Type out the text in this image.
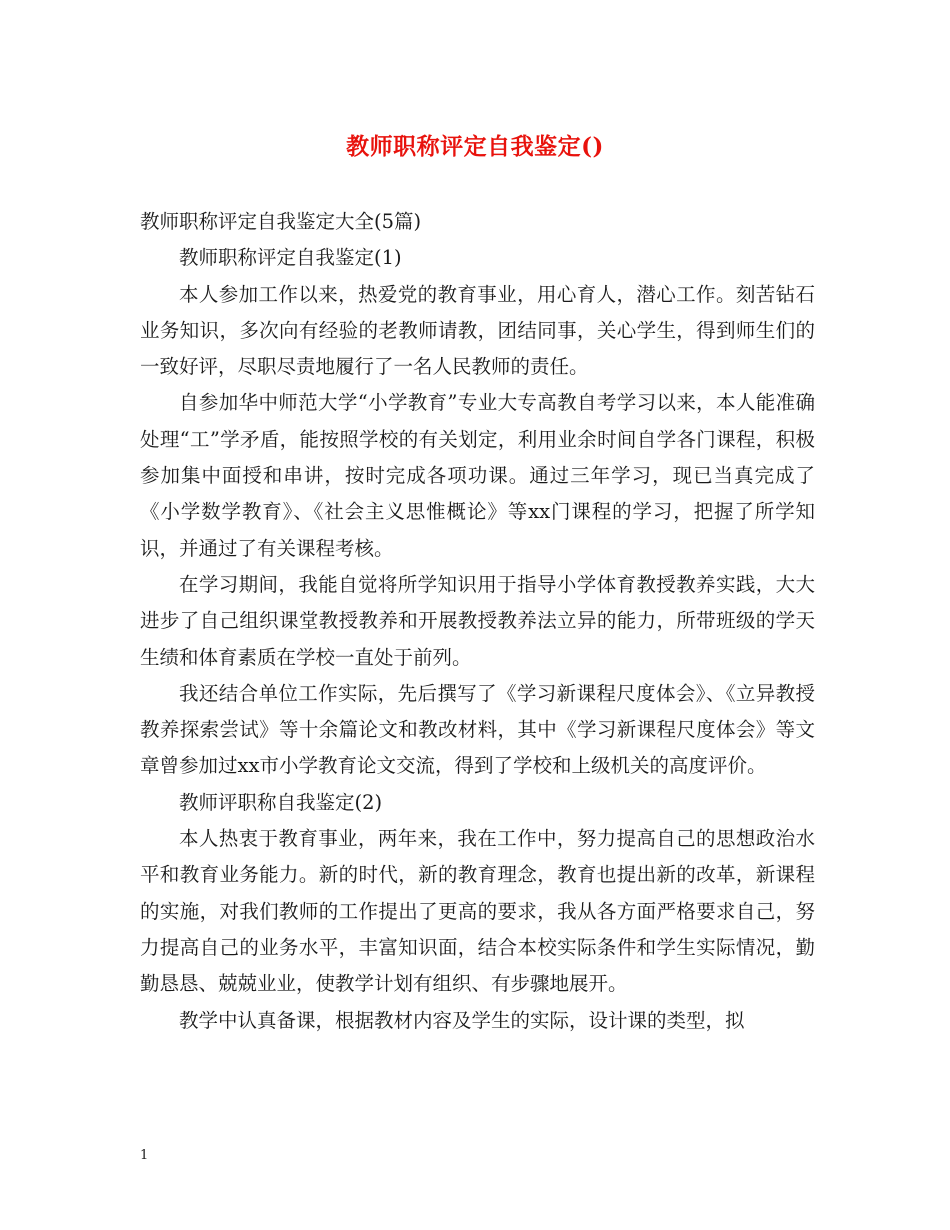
教师职称评定自我鉴定()

教师职称评定自我鉴定大全(5篇)

教师职称评定自我鉴定(1)

本人参加工作以来，热爱党的教育事业，用心育人，潜心工作。刻苦钻石业务知识，多次向有经验的老教师请教，团结同事，关心学生，得到师生们的一致好评，尽职尽责地履行了一名人民教师的责任。

自参加华中师范大学“小学教育”专业大专高教自考学习以来，本人能准确处理“工”学矛盾，能按照学校的有关划定，利用业余时间自学各门课程，积极参加集中面授和串讲，按时完成各项功课。通过三年学习，现已当真完成了《小学数学教育》、《社会主义思惟概论》等xx门课程的学习，把握了所学知识，并通过了有关课程考核。

在学习期间，我能自觉将所学知识用于指导小学体育教授教养实践，大大进步了自己组织课堂教授教养和开展教授教养法立异的能力，所带班级的学天生绩和体育素质在学校一直处于前列。

我还结合单位工作实际，先后撰写了《学习新课程尺度体会》、《立异教授教养探索尝试》等十余篇论文和教改材料，其中《学习新课程尺度体会》等文章曾参加过xx市小学教育论文交流，得到了学校和上级机关的高度评价。

教师评职称自我鉴定(2)

本人热衷于教育事业，两年来，我在工作中，努力提高自己的思想政治水平和教育业务能力。新的时代，新的教育理念，教育也提出新的改革，新课程的实施，对我们教师的工作提出了更高的要求，我从各方面严格要求自己，努力提高自己的业务水平，丰富知识面，结合本校实际条件和学生实际情况，勤勤恳恳、兢兢业业，使教学计划有组织、有步骤地展开。

教学中认真备课，根据教材内容及学生的实际，设计课的类型，拟

1
